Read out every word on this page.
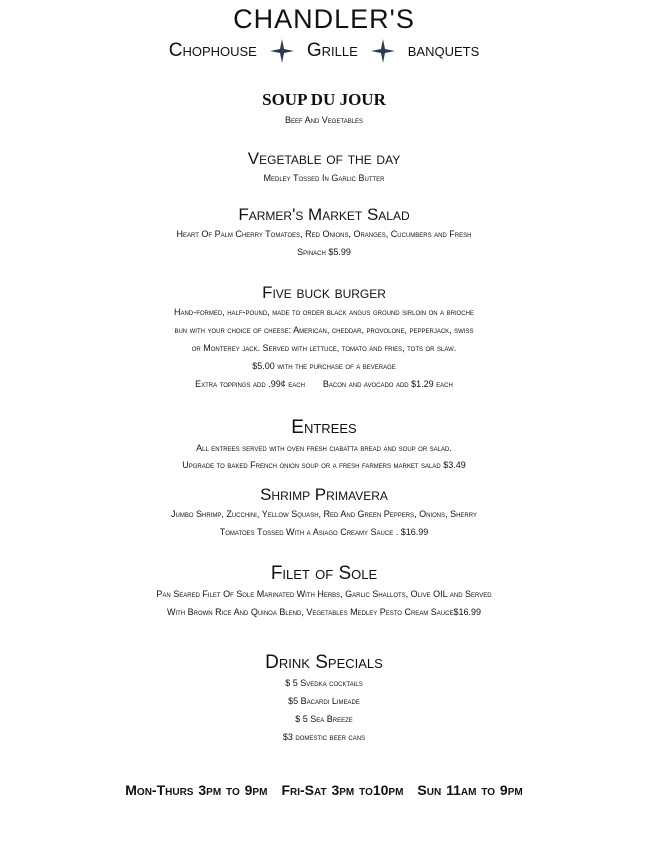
CHANDLER'S
Chophouse	Grille	banquets
SOUP DU JOUR
Beef And Vegetables
Vegetable of the day
Medley Tossed In Garlic Butter
Farmer's Market Salad
Heart Of Palm Cherry Tomatoes, Red Onions, Oranges, Cucumbers and Fresh
Spinach $5.99
Five buck burger
Hand-formed, half-pound, made to order black angus ground sirloin on a brioche
bun with your choice of cheese: American, cheddar, provolone, pepperjack, swiss
or Monterey jack. Served with lettuce, tomato and fries, tots or slaw.
$5.00 with the purchase of a beverage
Extra toppings add .99¢ each Bacon and avocado add $1.29 each
Entrees
All entrees served with oven fresh ciabatta bread and soup or salad.
Upgrade to baked French onion soup or a fresh farmers market salad $3.49
Shrimp Primavera
Jumbo Shrimp, Zucchini, Yellow Squash, Red And Green Peppers, Onions, Sherry
Tomatoes Tossed With a Asiago Creamy Sauce . $16.99
Filet of Sole
Pan Seared Filet Of Sole Marinated With Herbs, Garlic Shallots, Olive OIL and Served
With Brown Rice And Quinoa Blend, Vegetables Medley Pesto Cream Sauce$16.99
Drink Specials
$ 5 Svedka cocktails
$5 Bacardi Limeade
$ 5 Sea Breeze
$3 domestic beer cans
Mon-Thurs 3pm to 9pm Fri-Sat 3pm to10pm Sun 11am to 9pm
